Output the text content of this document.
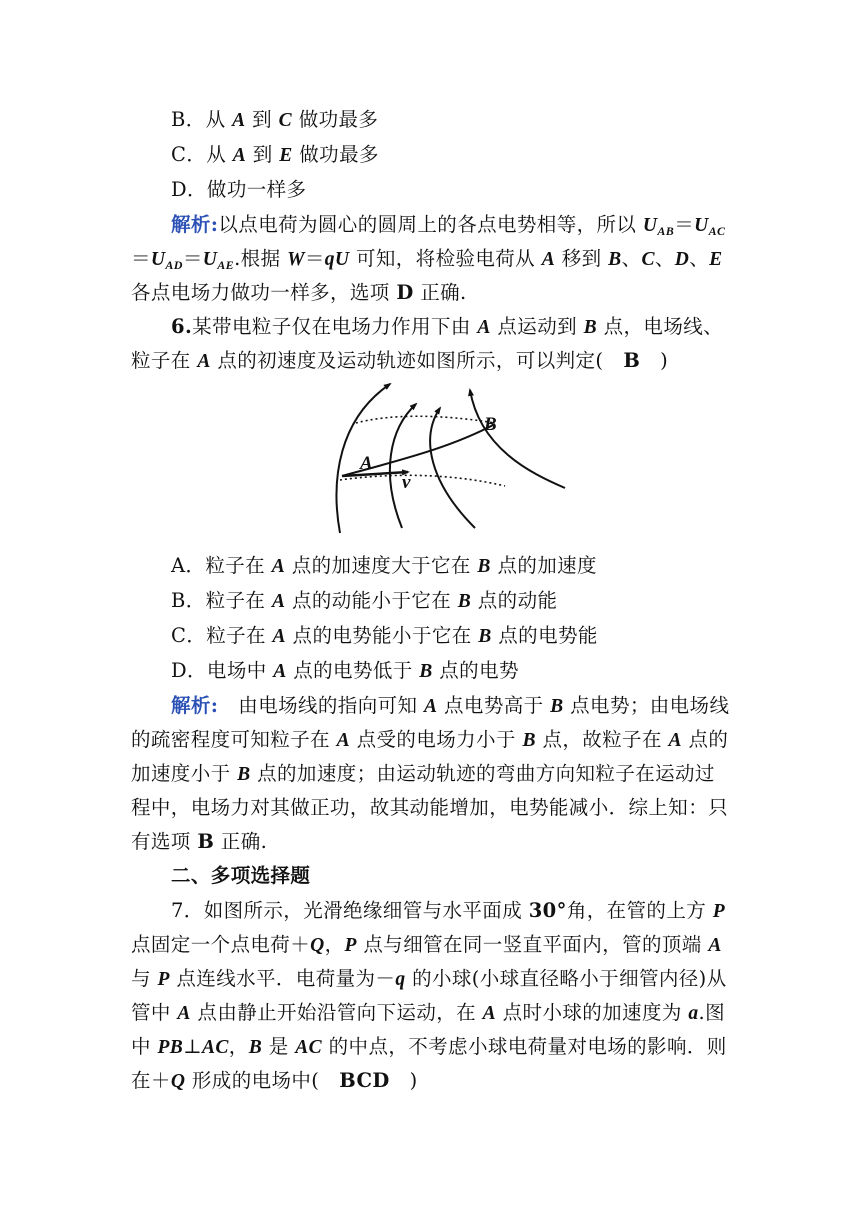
B．从 A 到 C 做功最多
C．从 A 到 E 做功最多
D．做功一样多
解析:以点电荷为圆心的圆周上的各点电势相等，所以 $U_{AB}=U_{AC}$
$=U_{AD}=U_{AE}$.根据 W＝qU 可知，将检验电荷从 A 移到 B、C、D、E
各点电场力做功一样多，选项 D 正确.
6.某带电粒子仅在电场力作用下由 A 点运动到 B 点，电场线、
粒子在 A 点的初速度及运动轨迹如图所示，可以判定(　B　)
A
v
B
A．粒子在 A 点的加速度大于它在 B 点的加速度
B．粒子在 A 点的动能小于它在 B 点的动能
C．粒子在 A 点的电势能小于它在 B 点的电势能
D．电场中 A 点的电势低于 B 点的电势
解析:　由电场线的指向可知 A 点电势高于 B 点电势；由电场线
的疏密程度可知粒子在 A 点受的电场力小于 B 点，故粒子在 A 点的
加速度小于 B 点的加速度；由运动轨迹的弯曲方向知粒子在运动过
程中，电场力对其做正功，故其动能增加，电势能减小．综上知：只
有选项 B 正确.
二、多项选择题
7．如图所示，光滑绝缘细管与水平面成 30°角，在管的上方 P
点固定一个点电荷＋Q，P 点与细管在同一竖直平面内，管的顶端 A
与 P 点连线水平．电荷量为－q 的小球(小球直径略小于细管内径)从
管中 A 点由静止开始沿管向下运动，在 A 点时小球的加速度为 a.图
中 PB⊥AC，B 是 AC 的中点，不考虑小球电荷量对电场的影响．则
在＋Q 形成的电场中(　BCD　)
